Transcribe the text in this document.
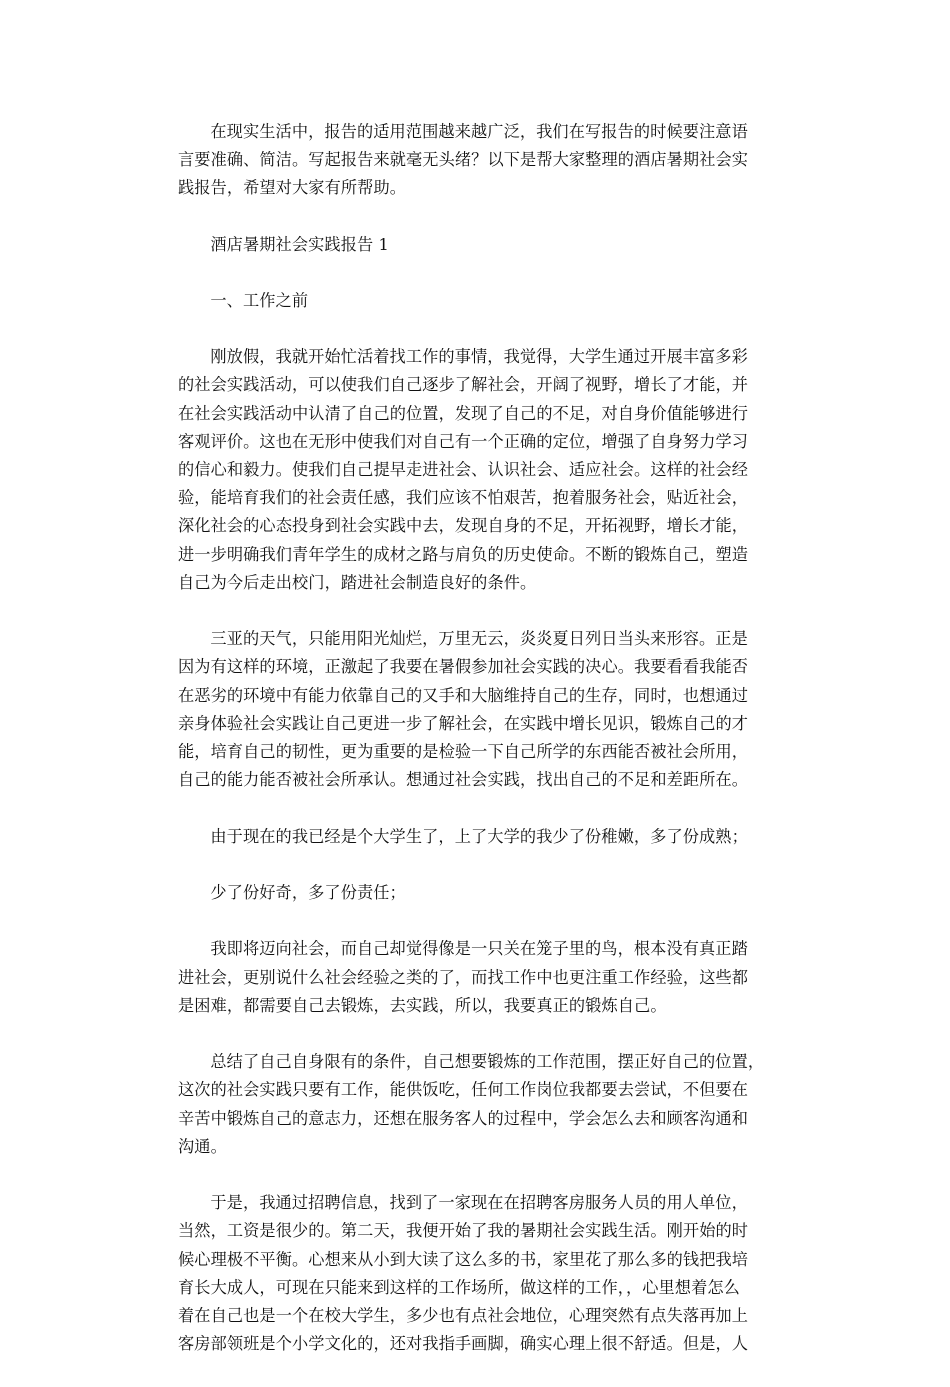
在现实生活中，报告的适用范围越来越广泛，我们在写报告的时候要注意语
言要准确、简洁。写起报告来就毫无头绪？以下是帮大家整理的酒店暑期社会实
践报告，希望对大家有所帮助。

酒店暑期社会实践报告 1

一、工作之前

刚放假，我就开始忙活着找工作的事情，我觉得，大学生通过开展丰富多彩
的社会实践活动，可以使我们自己逐步了解社会，开阔了视野，增长了才能，并
在社会实践活动中认清了自己的位置，发现了自己的不足，对自身价值能够进行
客观评价。这也在无形中使我们对自己有一个正确的定位，增强了自身努力学习
的信心和毅力。使我们自己提早走进社会、认识社会、适应社会。这样的社会经
验，能培育我们的社会责任感，我们应该不怕艰苦，抱着服务社会，贴近社会，
深化社会的心态投身到社会实践中去，发现自身的不足，开拓视野，增长才能，
进一步明确我们青年学生的成材之路与肩负的历史使命。不断的锻炼自己，塑造
自己为今后走出校门，踏进社会制造良好的条件。

三亚的天气，只能用阳光灿烂，万里无云，炎炎夏日列日当头来形容。正是
因为有这样的环境，正激起了我要在暑假参加社会实践的决心。我要看看我能否
在恶劣的环境中有能力依靠自己的又手和大脑维持自己的生存，同时，也想通过
亲身体验社会实践让自己更进一步了解社会，在实践中增长见识，锻炼自己的才
能，培育自己的韧性，更为重要的是检验一下自己所学的东西能否被社会所用，
自己的能力能否被社会所承认。想通过社会实践，找出自己的不足和差距所在。

由于现在的我已经是个大学生了，上了大学的我少了份稚嫩，多了份成熟；

少了份好奇，多了份责任；

我即将迈向社会，而自己却觉得像是一只关在笼子里的鸟，根本没有真正踏
进社会，更别说什么社会经验之类的了，而找工作中也更注重工作经验，这些都
是困难，都需要自己去锻炼，去实践，所以，我要真正的锻炼自己。

总结了自己自身限有的条件，自己想要锻炼的工作范围，摆正好自己的位置，
这次的社会实践只要有工作，能供饭吃，任何工作岗位我都要去尝试，不但要在
辛苦中锻炼自己的意志力，还想在服务客人的过程中，学会怎么去和顾客沟通和
沟通。

于是，我通过招聘信息，找到了一家现在在招聘客房服务人员的用人单位，
当然，工资是很少的。第二天，我便开始了我的暑期社会实践生活。刚开始的时
候心理极不平衡。心想来从小到大读了这么多的书，家里花了那么多的钱把我培
育长大成人，可现在只能来到这样的工作场所，做这样的工作，，心里想着怎么
着在自己也是一个在校大学生，多少也有点社会地位，心理突然有点失落再加上
客房部领班是个小学文化的，还对我指手画脚，确实心理上很不舒适。但是，人
